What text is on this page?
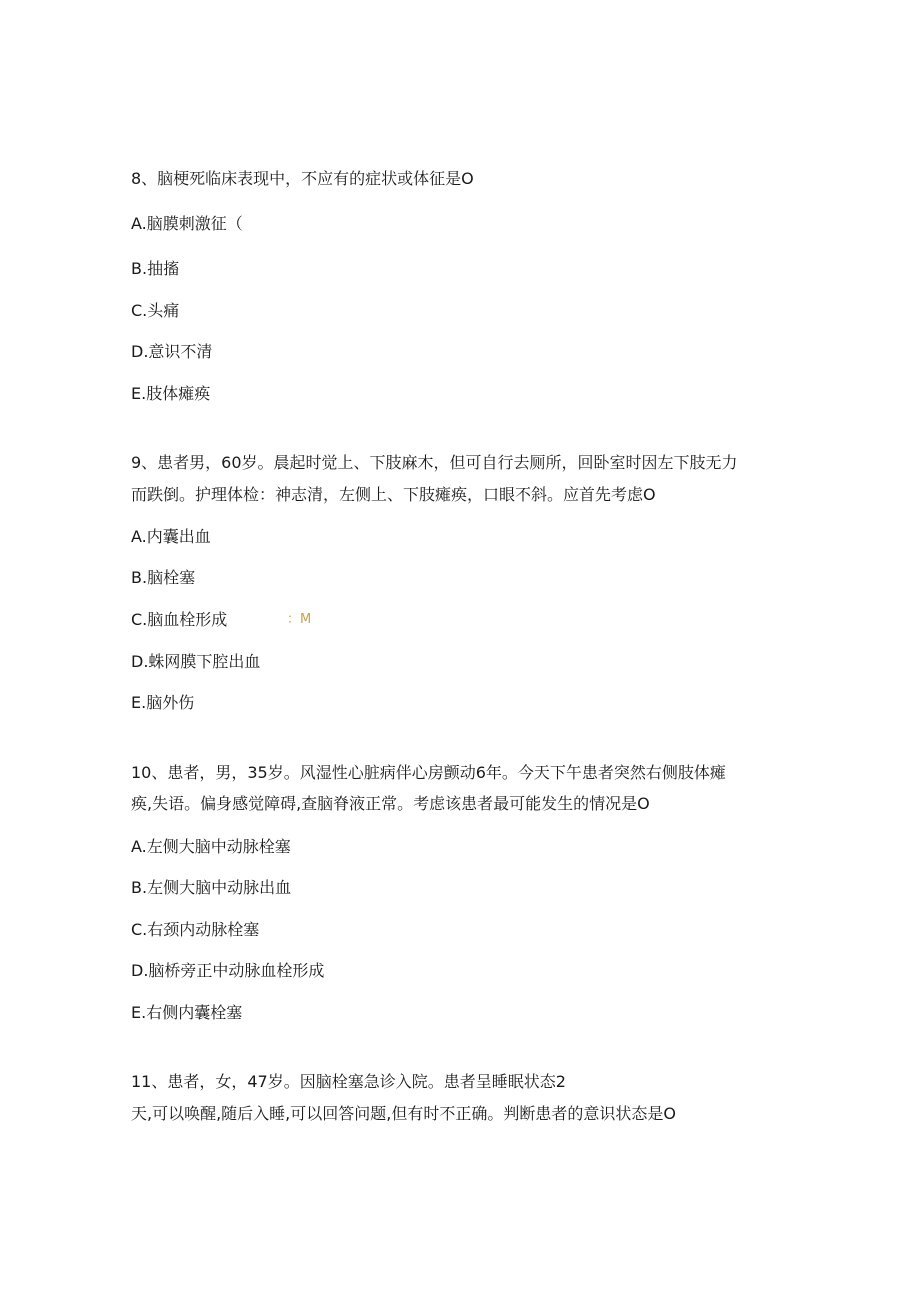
8、脑梗死临床表现中，不应有的症状或体征是O
A.脑膜刺激征（
B.抽搐
C.头痛
D.意识不清
E.肢体瘫痪
9、患者男，60岁。晨起时觉上、下肢麻木，但可自行去厕所，回卧室时因左下肢无力
而跌倒。护理体检：神志清，左侧上、下肢瘫痪，口眼不斜。应首先考虑O
A.内囊出血
B.脑栓塞
C.脑血栓形成	：M
D.蛛网膜下腔出血
E.脑外伤
10、患者，男，35岁。风湿性心脏病伴心房颤动6年。今天下午患者突然右侧肢体瘫
痪,失语。偏身感觉障碍,查脑脊液正常。考虑该患者最可能发生的情况是O
A.左侧大脑中动脉栓塞
B.左侧大脑中动脉出血
C.右颈内动脉栓塞
D.脑桥旁正中动脉血栓形成
E.右侧内囊栓塞
11、患者，女，47岁。因脑栓塞急诊入院。患者呈睡眠状态2
天,可以唤醒,随后入睡,可以回答问题,但有时不正确。判断患者的意识状态是O
